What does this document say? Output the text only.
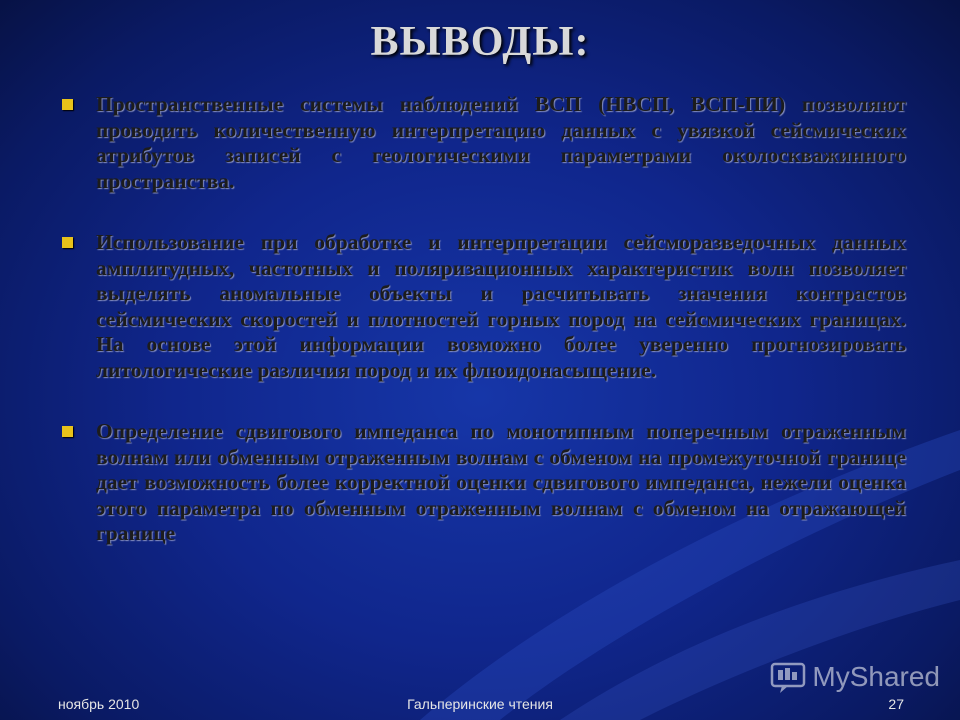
ВЫВОДЫ:

Пространственные системы наблюдений ВСП (НВСП, ВСП-ПИ) позволяют проводить количественную интерпретацию данных с увязкой сейсмических атрибутов записей с геологическими параметрами околоскважинного пространства.

Использование при обработке и интерпретации сейсморазведочных данных амплитудных, частотных и поляризационных характеристик волн позволяет выделять аномальные объекты и расчитывать значения контрастов сейсмических скоростей и плотностей горных пород на сейсмических границах. На основе этой информации возможно более уверенно прогнозировать литологические различия пород и их флюидонасыщение.

Определение сдвигового импеданса по монотипным поперечным отраженным волнам или обменным отраженным волнам с обменом на промежуточной границе дает возможность более корректной оценки сдвигового импеданса, нежели оценка этого параметра по обменным отраженным волнам с обменом на отражающей границе

MyShared
ноябрь 2010	Гальперинские чтения	27
